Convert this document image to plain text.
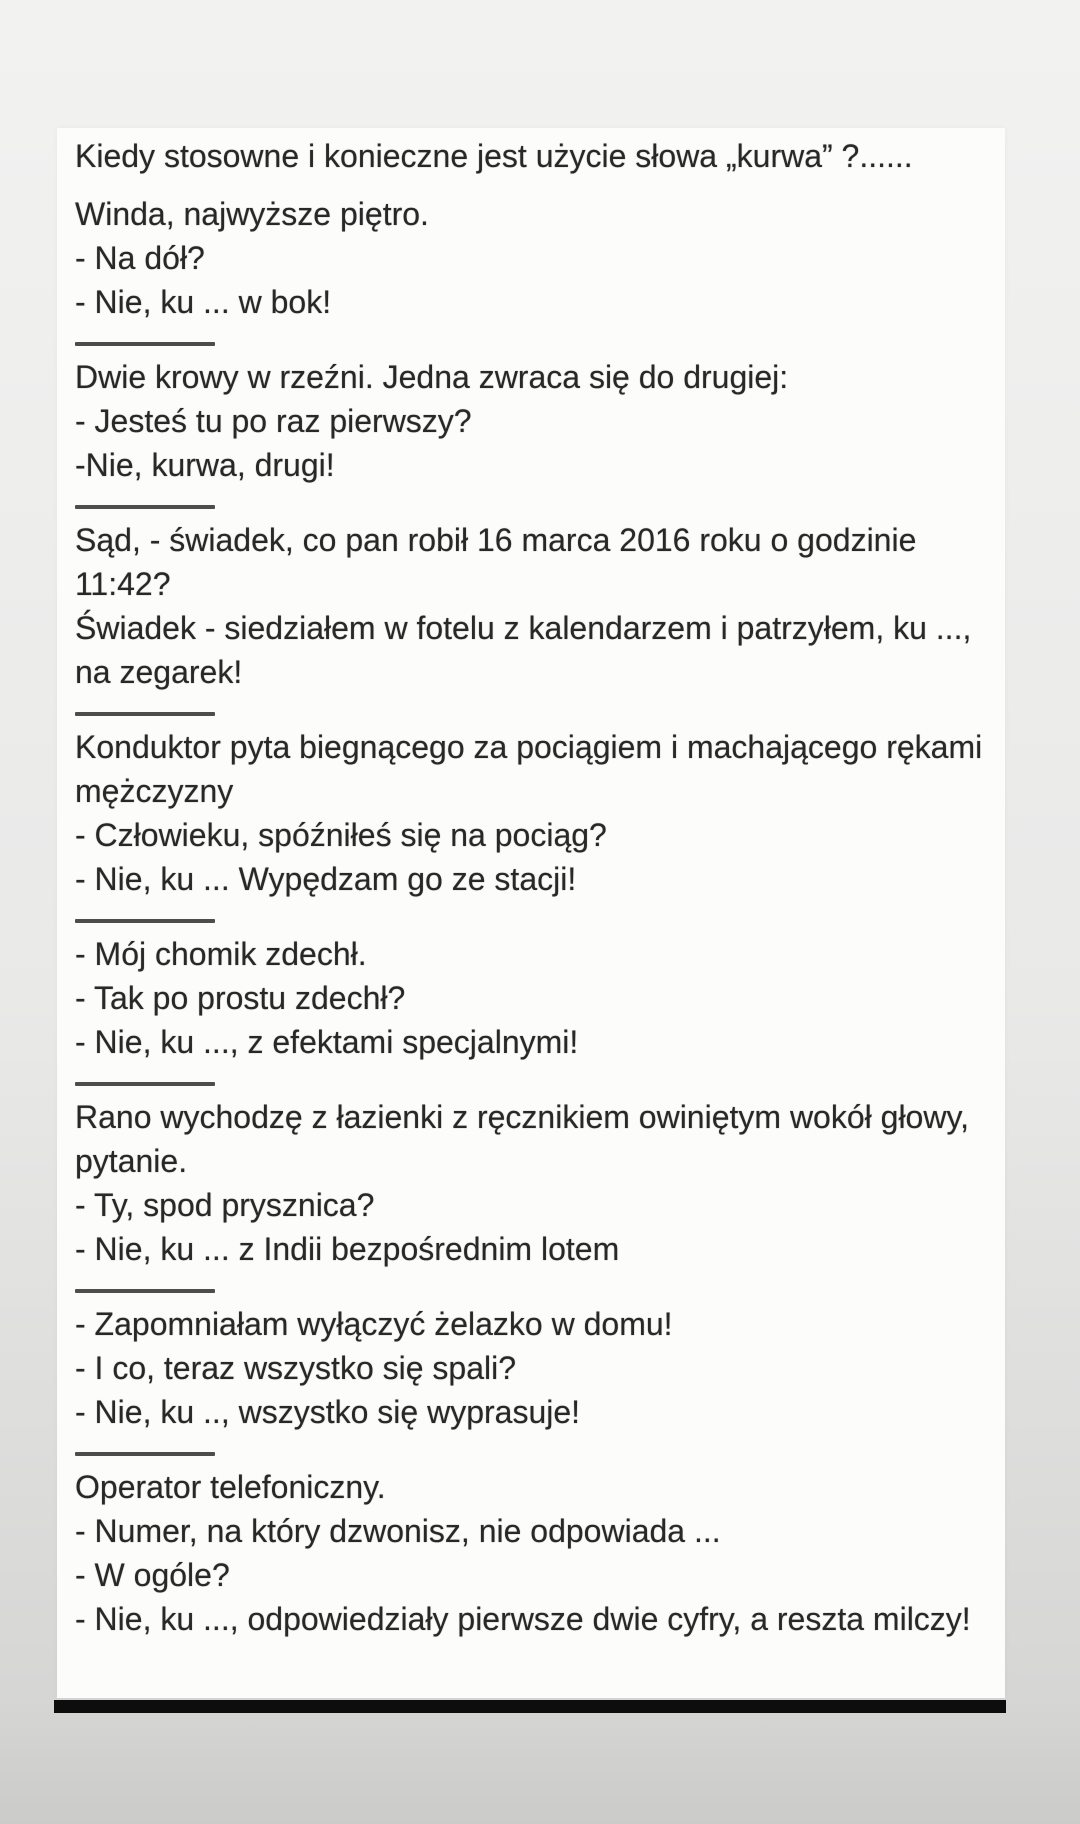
Kiedy stosowne i konieczne jest użycie słowa „kurwa” ?......
Winda, najwyższe piętro.
- Na dół?
- Nie, ku ... w bok!
Dwie krowy w rzeźni. Jedna zwraca się do drugiej:
- Jesteś tu po raz pierwszy?
-Nie, kurwa, drugi!
Sąd, - świadek, co pan robił 16 marca 2016 roku o godzinie 11:42?
Świadek - siedziałem w fotelu z kalendarzem i patrzyłem, ku ..., na zegarek!
Konduktor pyta biegnącego za pociągiem i machającego rękami mężczyzny
- Człowieku, spóźniłeś się na pociąg?
- Nie, ku ... Wypędzam go ze stacji!
- Mój chomik zdechł.
- Tak po prostu zdechł?
- Nie, ku ..., z efektami specjalnymi!
Rano wychodzę z łazienki z ręcznikiem owiniętym wokół głowy, pytanie.
- Ty, spod prysznica?
- Nie, ku ... z Indii bezpośrednim lotem
- Zapomniałam wyłączyć żelazko w domu!
- I co, teraz wszystko się spali?
- Nie, ku .., wszystko się wyprasuje!
Operator telefoniczny.
- Numer, na który dzwonisz, nie odpowiada ...
- W ogóle?
- Nie, ku ..., odpowiedziały pierwsze dwie cyfry, a reszta milczy!
